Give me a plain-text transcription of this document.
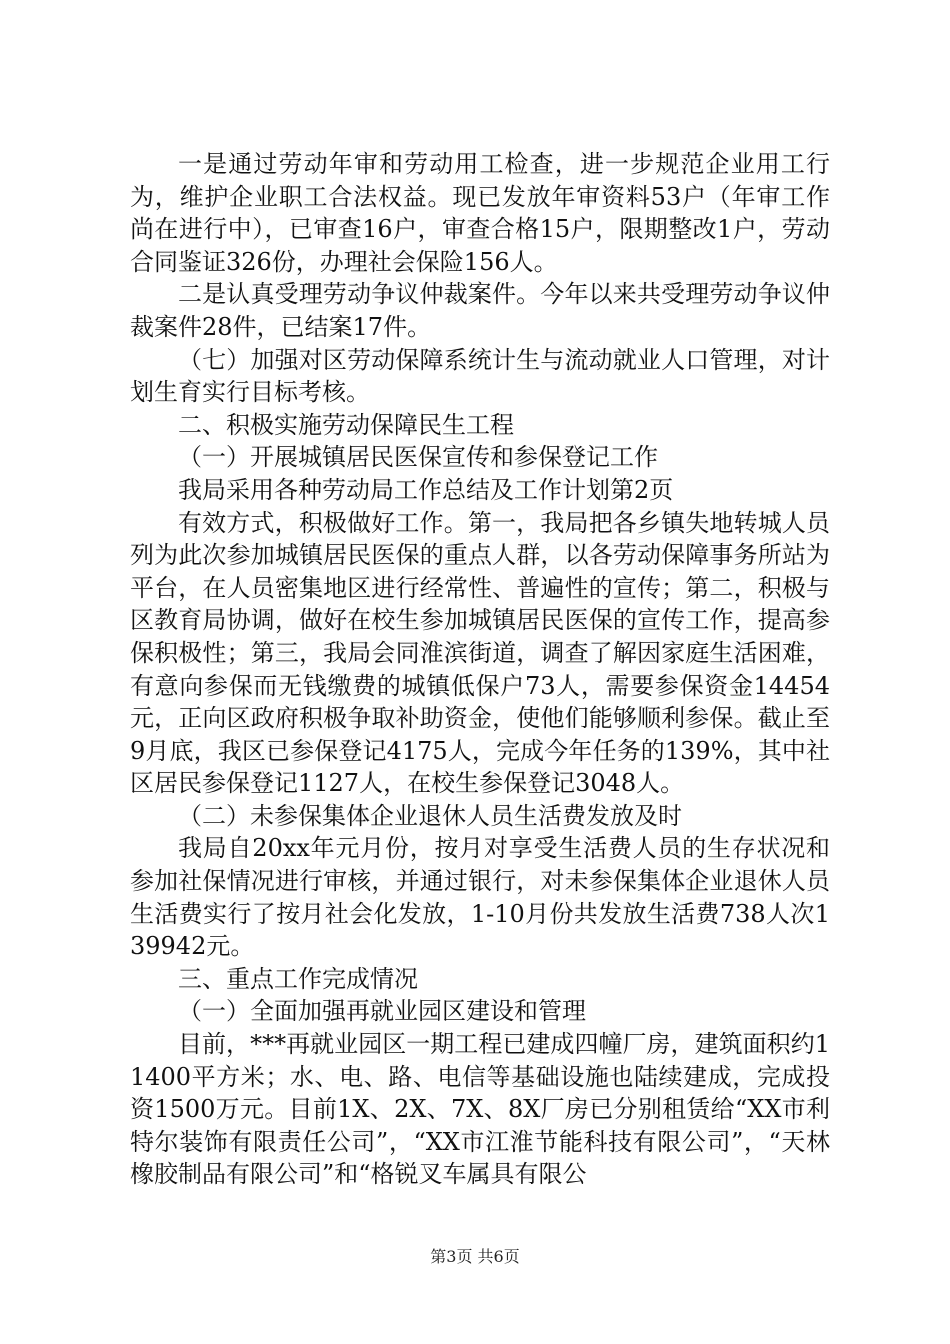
一是通过劳动年审和劳动用工检查，进一步规范企业用工行为，维护企业职工合法权益。现已发放年审资料53户（年审工作尚在进行中），已审查16户，审查合格15户，限期整改1户，劳动合同鉴证326份，办理社会保险156人。

二是认真受理劳动争议仲裁案件。今年以来共受理劳动争议仲裁案件28件，已结案17件。

（七）加强对区劳动保障系统计生与流动就业人口管理，对计划生育实行目标考核。

二、积极实施劳动保障民生工程

（一）开展城镇居民医保宣传和参保登记工作

我局采用各种劳动局工作总结及工作计划第2页

有效方式，积极做好工作。第一，我局把各乡镇失地转城人员列为此次参加城镇居民医保的重点人群，以各劳动保障事务所站为平台，在人员密集地区进行经常性、普遍性的宣传；第二，积极与区教育局协调，做好在校生参加城镇居民医保的宣传工作，提高参保积极性；第三，我局会同淮滨街道，调查了解因家庭生活困难，有意向参保而无钱缴费的城镇低保户73人，需要参保资金14454元，正向区政府积极争取补助资金，使他们能够顺利参保。截止至9月底，我区已参保登记4175人，完成今年任务的139%，其中社区居民参保登记1127人，在校生参保登记3048人。

（二）未参保集体企业退休人员生活费发放及时

我局自20xx年元月份，按月对享受生活费人员的生存状况和参加社保情况进行审核，并通过银行，对未参保集体企业退休人员生活费实行了按月社会化发放，1-10月份共发放生活费738人次139942元。

三、重点工作完成情况

（一）全面加强再就业园区建设和管理

目前，***再就业园区一期工程已建成四幢厂房，建筑面积约11400平方米；水、电、路、电信等基础设施也陆续建成，完成投资1500万元。目前1X、2X、7X、8X厂房已分别租赁给“XX市利特尔装饰有限责任公司”，“XX市江淮节能科技有限公司”，“天林橡胶制品有限公司”和“格锐叉车属具有限公

第3页 共6页
